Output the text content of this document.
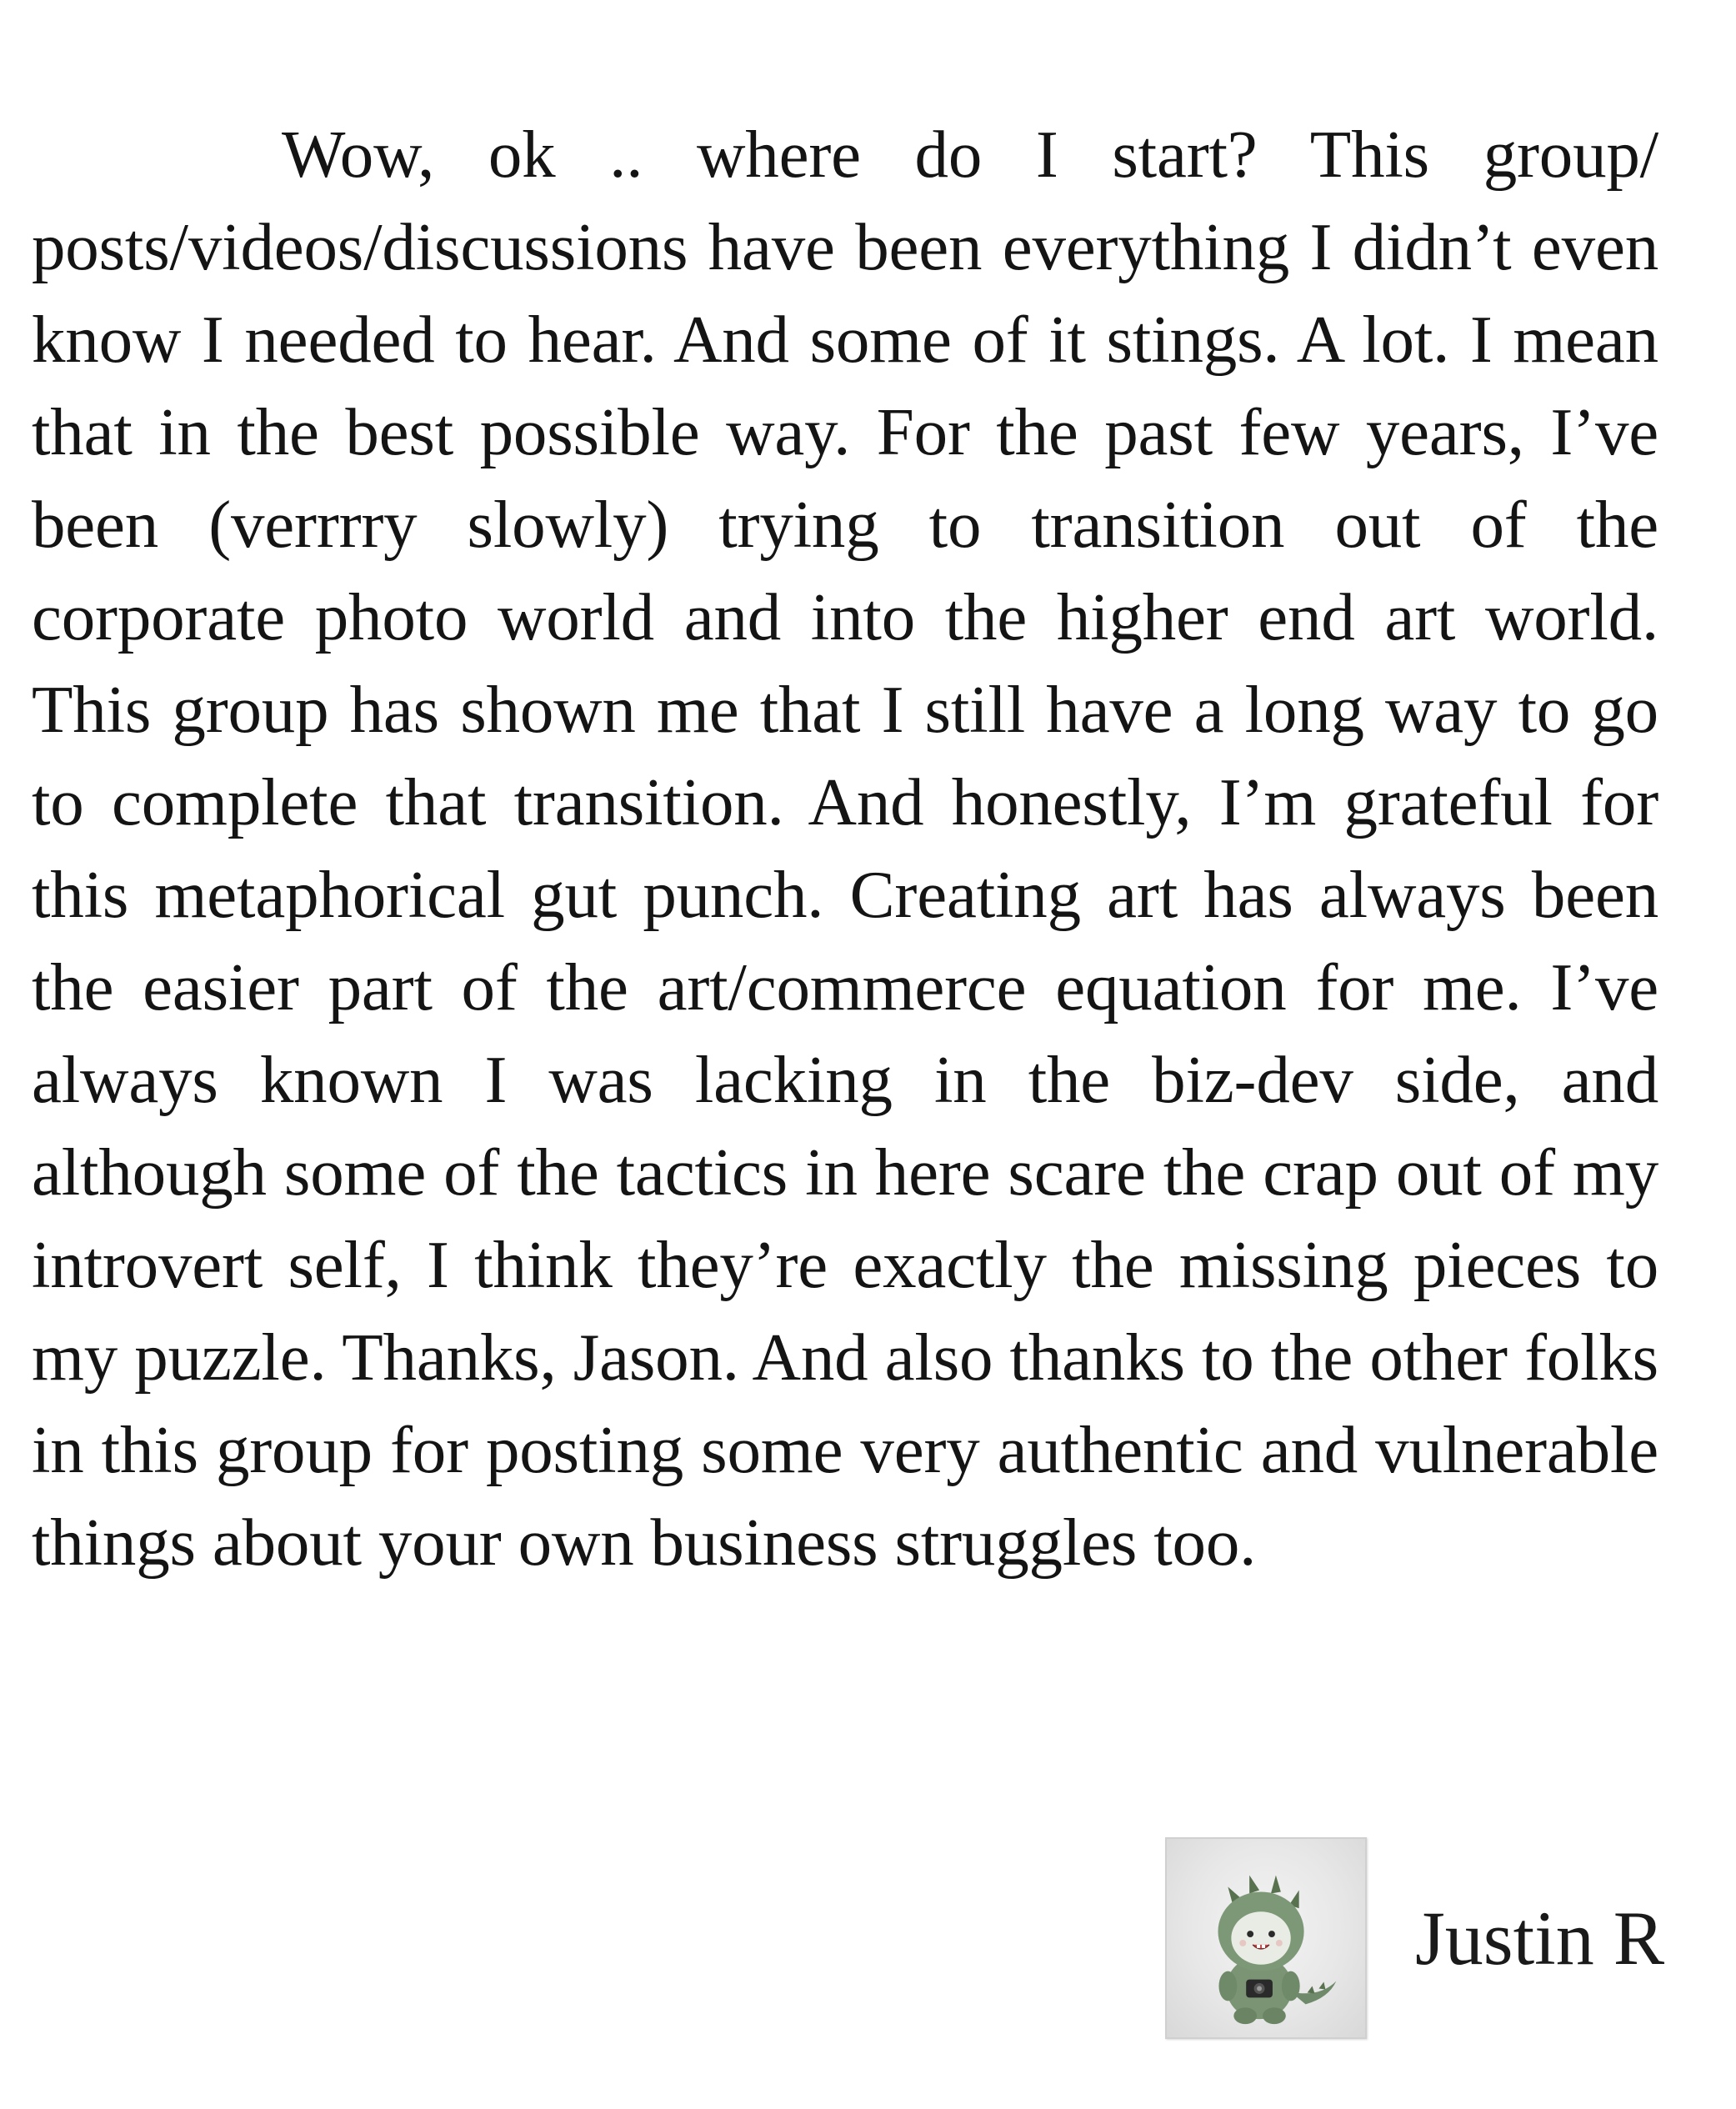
Wow, ok .. where do I start? This group/ posts/videos/discussions have been everything I didn’t even know I needed to hear. And some of it stings. A lot. I mean that in the best possible way. For the past few years, I’ve been (verrrry slowly) trying to transition out of the corporate photo world and into the higher end art world. This group has shown me that I still have a long way to go to complete that transition. And honestly, I’m grateful for this metaphorical gut punch. Creating art has always been the easier part of the art/commerce equation for me. I’ve always known I was lacking in the biz-dev side, and although some of the tactics in here scare the crap out of my introvert self, I think they’re exactly the missing pieces to my puzzle. Thanks, Jason. And also thanks to the other folks in this group for posting some very authentic and vulnerable things about your own business struggles too.

Justin R
